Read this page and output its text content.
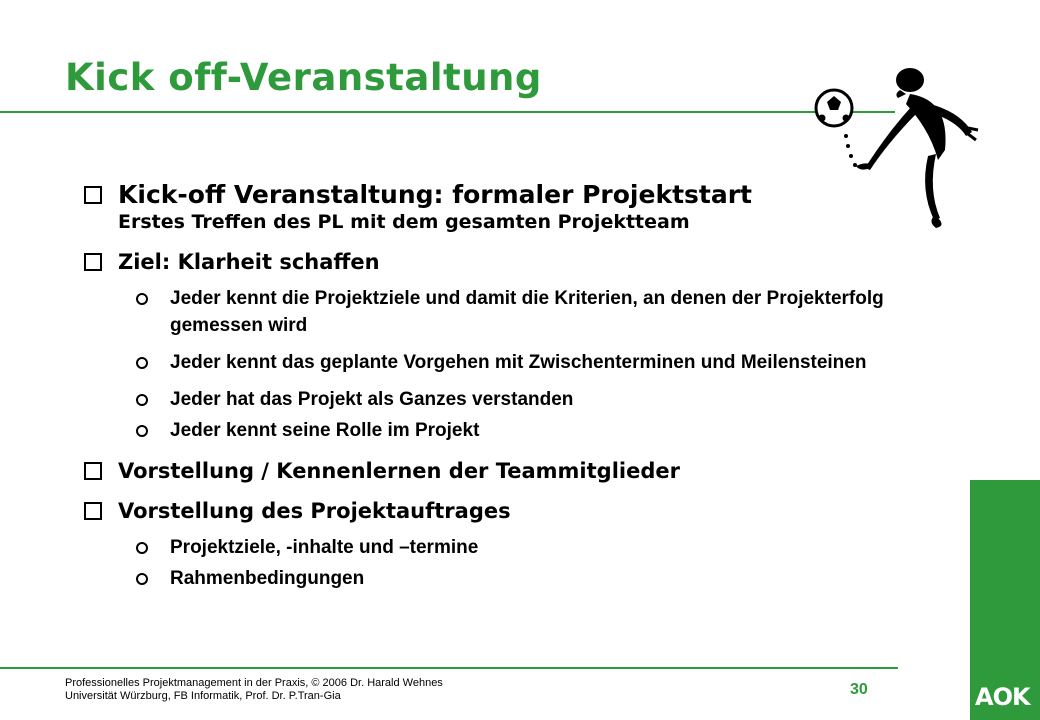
Kick off-Veranstaltung
Kick-off Veranstaltung: formaler Projektstart
Erstes Treffen des PL mit dem gesamten Projektteam
Ziel: Klarheit schaffen
Jeder kennt die Projektziele und damit die Kriterien, an denen der Projekterfolg gemessen wird
Jeder kennt das geplante Vorgehen mit Zwischenterminen und Meilensteinen
Jeder hat das Projekt als Ganzes verstanden
Jeder kennt seine Rolle im Projekt
Vorstellung / Kennenlernen der Teammitglieder
Vorstellung des Projektauftrages
Projektziele, -inhalte und –termine
Rahmenbedingungen
Professionelles Projektmanagement in der Praxis, © 2006 Dr. Harald Wehnes
Universität Würzburg, FB Informatik, Prof. Dr. P.Tran-Gia	30	AOK
